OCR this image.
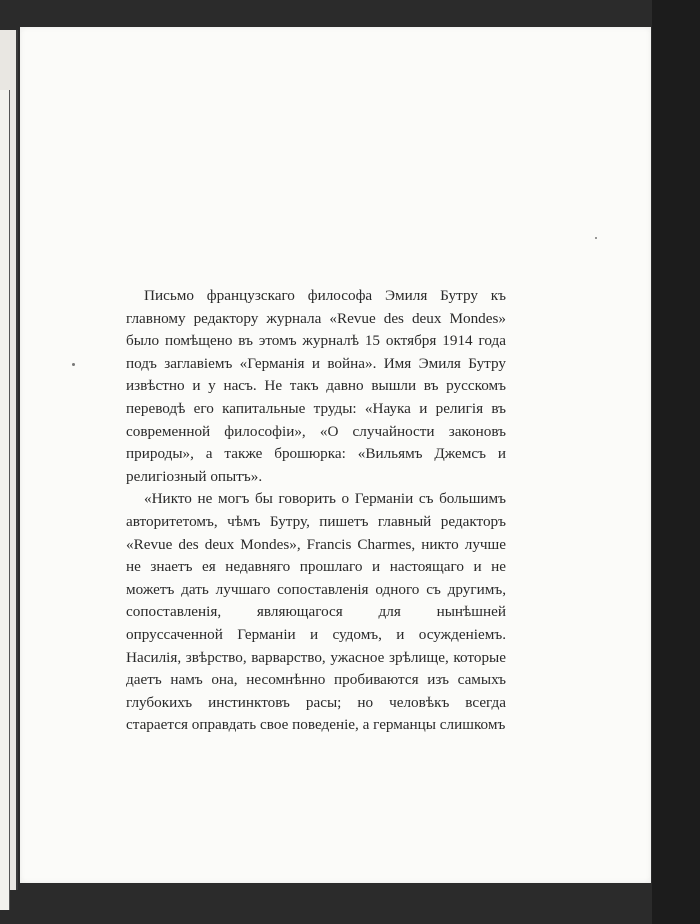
Письмо французскаго философа Эмиля Бутру къ главному редактору журнала «Revue des deux Mondes» было помѣщено въ этомъ журналѣ 15 октября 1914 года подъ заглавіемъ «Германія и война». Имя Эмиля Бутру извѣстно и у насъ. Не такъ давно вышли въ русскомъ переводѣ его капитальные труды: «Наука и религія въ современной философіи», «О случайности законовъ природы», а также брошюрка: «Вильямъ Джемсъ и религіозный опытъ».

«Никто не могъ бы говорить о Германіи съ большимъ авторитетомъ, чѣмъ Бутру, пишетъ главный редакторъ «Revue des deux Mondes», Francis Charmes, никто лучше не знаетъ ея недавняго прошлаго и настоящаго и не можетъ дать лучшаго сопоставленія одного съ другимъ, сопоставленія, являющагося для нынѣшней опруссаченной Германіи и судомъ, и осужденіемъ. Насилія, звѣрство, варварство, ужасное зрѣлище, которые даетъ намъ она, несомнѣнно пробиваются изъ самыхъ глубокихъ инстинктовъ расы; но человѣкъ всегда старается оправдать свое поведеніе, а германцы слишкомъ
